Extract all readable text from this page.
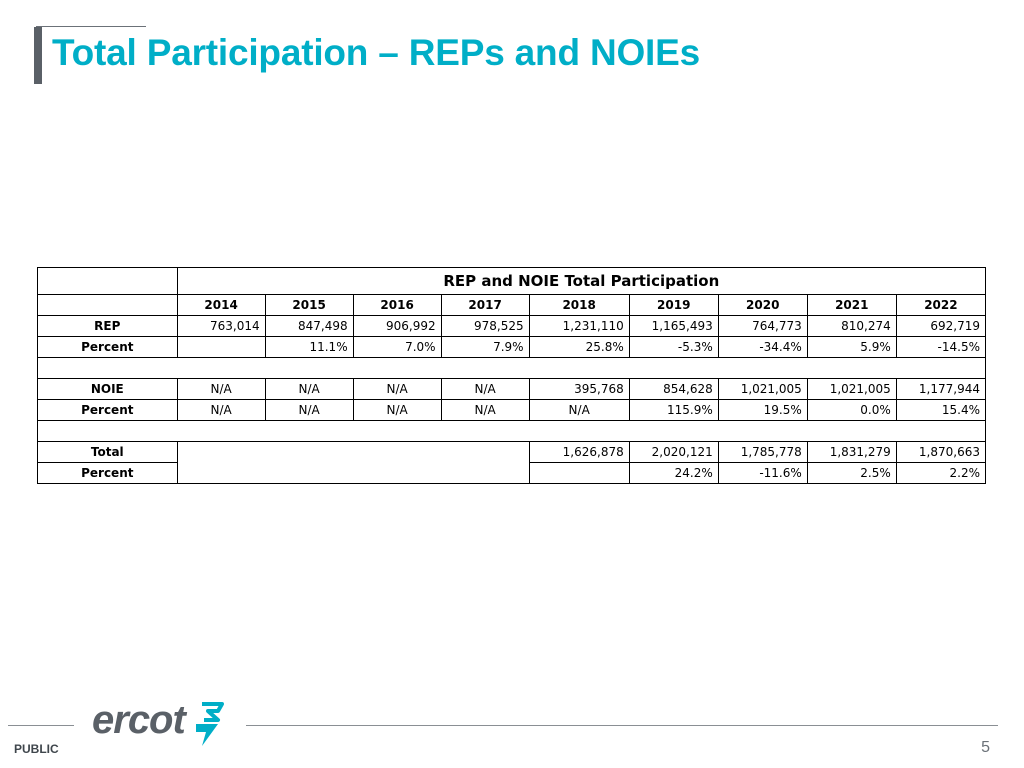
Total Participation – REPs and NOIEs
	REP and NOIE Total Participation								
	2014	2015	2016	2017	2018	2019	2020	2021	2022
REP	763,014	847,498	906,992	978,525	1,231,110	1,165,493	764,773	810,274	692,719
Percent		11.1%	7.0%	7.9%	25.8%	-5.3%	-34.4%	5.9%	-14.5%

NOIE	N/A	N/A	N/A	N/A	395,768	854,628	1,021,005	1,021,005	1,177,944
Percent	N/A	N/A	N/A	N/A	N/A	115.9%	19.5%	0.0%	15.4%

Total					1,626,878	2,020,121	1,785,778	1,831,279	1,870,663
Percent						24.2%	-11.6%	2.5%	2.2%
ercot
PUBLIC	5
